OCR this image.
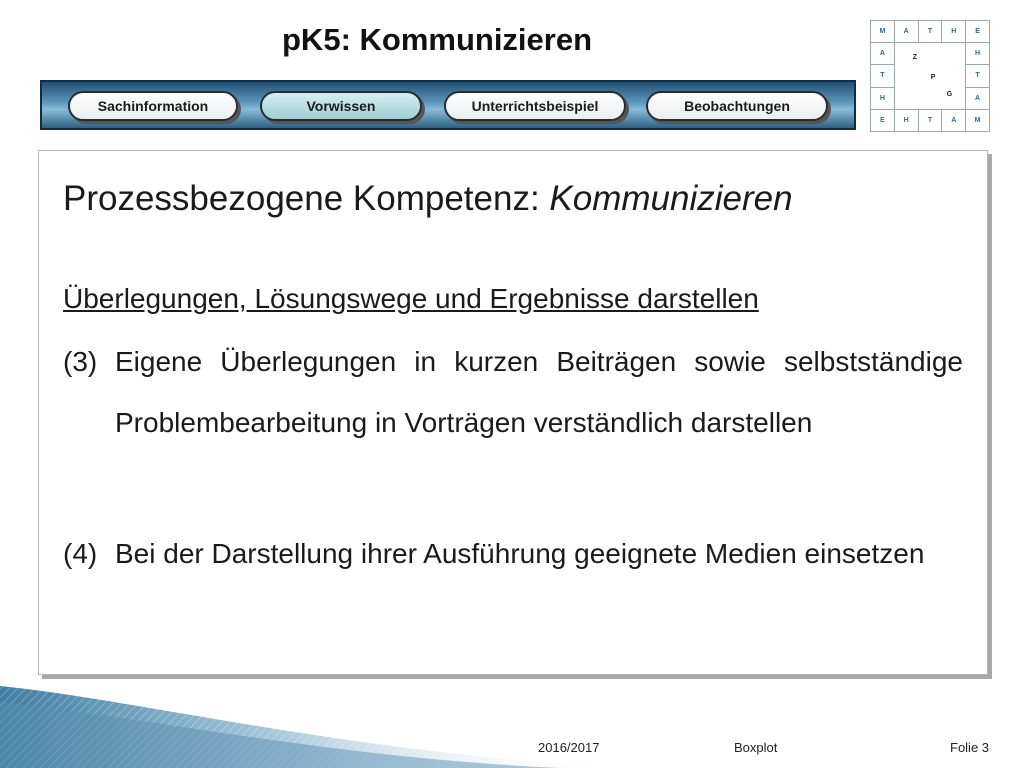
pK5: Kommunizieren	M	A	T	H	E
A
Z
P
G
H
T	T
H	A
E	H	T	A	M
Sachinformation	Vorwissen	Unterrichtsbeispiel	Beobachtungen
Prozessbezogene Kompetenz: Kommunizieren
Überlegungen, Lösungswege und Ergebnisse darstellen
(3) Eigene Überlegungen in kurzen Beiträgen sowie selbstständige Problembearbeitung in Vorträgen verständlich darstellen
(4) Bei der Darstellung ihrer Ausführung geeignete Medien einsetzen
2016/2017	Boxplot	Folie 3
